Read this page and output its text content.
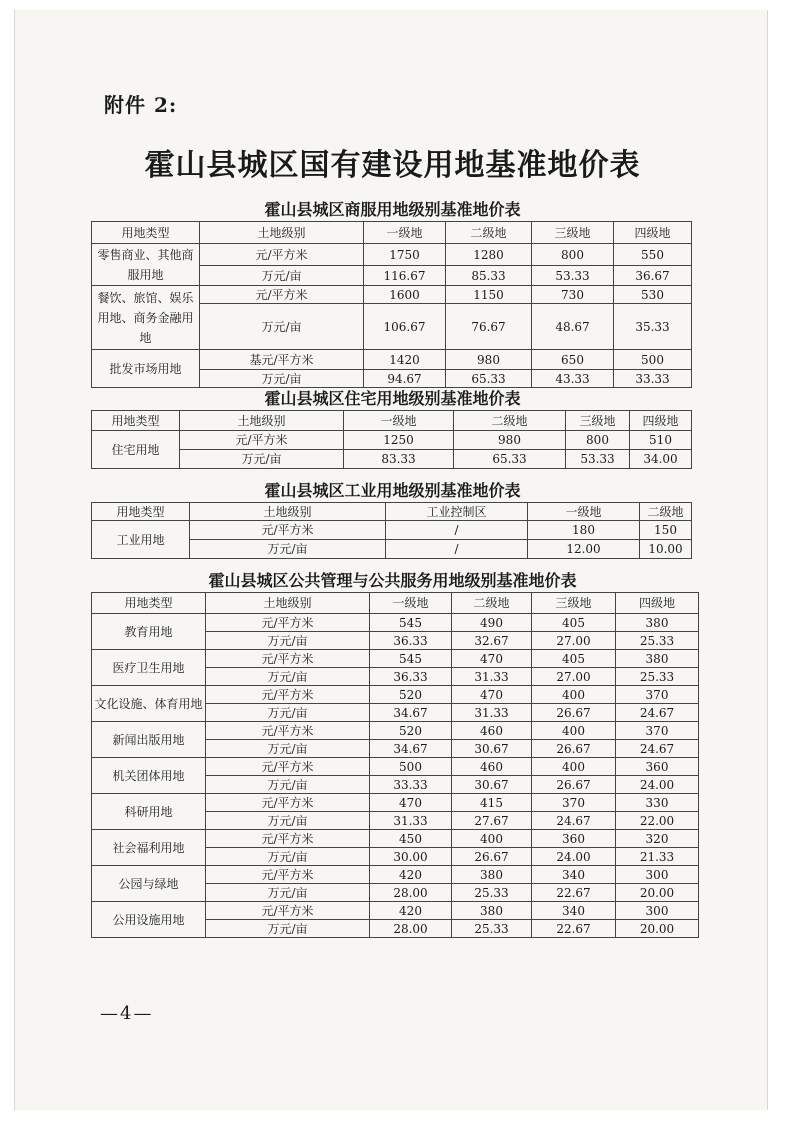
附件 2:
霍山县城区国有建设用地基准地价表
霍山县城区商服用地级别基准地价表
用地类型	土地级别	一级地	二级地	三级地	四级地
零售商业、其他商服用地	元/平方米	1750	1280	800	550
	万元/亩	116.67	85.33	53.33	36.67
餐饮、旅馆、娱乐用地、商务金融用地	元/平方米	1600	1150	730	530
	万元/亩	106.67	76.67	48.67	35.33
批发市场用地	基元/平方米	1420	980	650	500
	万元/亩	94.67	65.33	43.33	33.33
霍山县城区住宅用地级别基准地价表
用地类型	土地级别	一级地	二级地	三级地	四级地
住宅用地	元/平方米	1250	980	800	510
	万元/亩	83.33	65.33	53.33	34.00
霍山县城区工业用地级别基准地价表
用地类型	土地级别	工业控制区	一级地	二级地
工业用地	元/平方米	/	180	150
	万元/亩	/	12.00	10.00
霍山县城区公共管理与公共服务用地级别基准地价表
用地类型	土地级别	一级地	二级地	三级地	四级地
教育用地	元/平方米	545	490	405	380
	万元/亩	36.33	32.67	27.00	25.33
医疗卫生用地	元/平方米	545	470	405	380
	万元/亩	36.33	31.33	27.00	25.33
文化设施、体育用地	元/平方米	520	470	400	370
	万元/亩	34.67	31.33	26.67	24.67
新闻出版用地	元/平方米	520	460	400	370
	万元/亩	34.67	30.67	26.67	24.67
机关团体用地	元/平方米	500	460	400	360
	万元/亩	33.33	30.67	26.67	24.00
科研用地	元/平方米	470	415	370	330
	万元/亩	31.33	27.67	24.67	22.00
社会福利用地	元/平方米	450	400	360	320
	万元/亩	30.00	26.67	24.00	21.33
公园与绿地	元/平方米	420	380	340	300
	万元/亩	28.00	25.33	22.67	20.00
公用设施用地	元/平方米	420	380	340	300
	万元/亩	28.00	25.33	22.67	20.00
—4—
